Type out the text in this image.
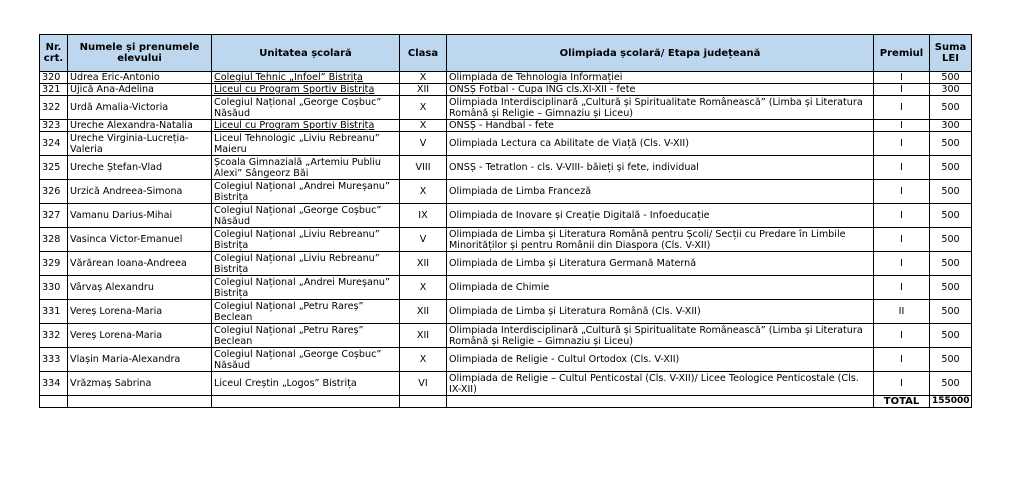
Nr. crt.	Numele și prenumele elevului	Unitatea școlară	Clasa	Olimpiada școlară/ Etapa județeană	Premiul	Suma LEI
320	Udrea Eric-Antonio	Colegiul Tehnic „Infoel” Bistrița	X	Olimpiada de Tehnologia Informației	I	500
321	Ujică Ana-Adelina	Liceul cu Program Sportiv Bistrița	XII	ONSȘ Fotbal - Cupa ING cls.XI-XII - fete	I	300
322	Urdă Amalia-Victoria	Colegiul Național „George Coșbuc” Năsăud	X	Olimpiada Interdisciplinară „Cultură și Spiritualitate Românească” (Limba și Literatura Română și Religie – Gimnaziu și Liceu)	I	500
323	Ureche Alexandra-Natalia	Liceul cu Program Sportiv Bistrița	X	ONSȘ - Handbal - fete	I	300
324	Ureche Virginia-Lucreția-Valeria	Liceul Tehnologic „Liviu Rebreanu” Maieru	V	Olimpiada Lectura ca Abilitate de Viață (Cls. V-XII)	I	500
325	Ureche Ștefan-Vlad	Școala Gimnazială „Artemiu Publiu Alexi” Sângeorz Băi	VIII	ONSȘ - Tetratlon - cls. V-VIII- băieți și fete, individual	I	500
326	Urzică Andreea-Simona	Colegiul Național „Andrei Mureșanu” Bistrița	X	Olimpiada de Limba Franceză	I	500
327	Vamanu Darius-Mihai	Colegiul Național „George Coșbuc” Năsăud	IX	Olimpiada de Inovare și Creație Digitală - Infoeducație	I	500
328	Vasinca Victor-Emanuel	Colegiul Național „Liviu Rebreanu” Bistrița	V	Olimpiada de Limba și Literatura Română pentru Școli/ Secții cu Predare în Limbile Minorităților și pentru Românii din Diaspora (Cls. V-XII)	I	500
329	Vărărean Ioana-Andreea	Colegiul Național „Liviu Rebreanu” Bistrița	XII	Olimpiada de Limba și Literatura Germană Maternă	I	500
330	Vârvaș Alexandru	Colegiul Național „Andrei Mureșanu” Bistrița	X	Olimpiada de Chimie	I	500
331	Vereș Lorena-Maria	Colegiul Național „Petru Rareș” Beclean	XII	Olimpiada de Limba și Literatura Română (Cls. V-XII)	II	500
332	Vereș Lorena-Maria	Colegiul Național „Petru Rareș” Beclean	XII	Olimpiada Interdisciplinară „Cultură și Spiritualitate Românească” (Limba și Literatura Română și Religie – Gimnaziu și Liceu)	I	500
333	Vlașin Maria-Alexandra	Colegiul Național „George Coșbuc” Năsăud	X	Olimpiada de Religie - Cultul Ortodox (Cls. V-XII)	I	500
334	Vrăzmaș Sabrina	Liceul Creștin „Logos” Bistrița	VI	Olimpiada de Religie – Cultul Penticostal (Cls. V-XII)/ Licee Teologice Penticostale (Cls. IX-XII)	I	500
					TOTAL	155000
